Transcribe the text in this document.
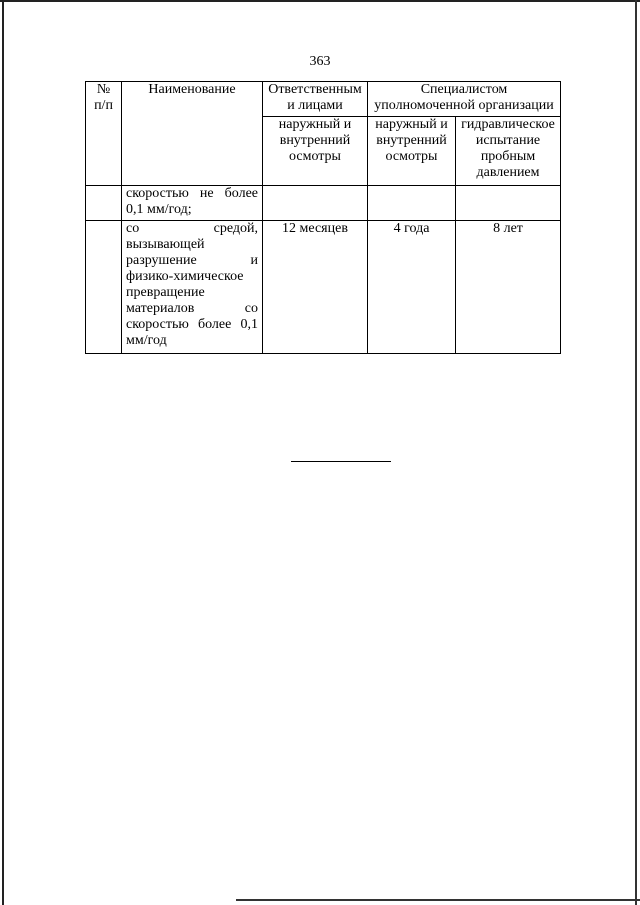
363
№ п/п	Наименование	Ответственным и лицами	Специалистом уполномоченной организации	
		наружный и внутренний осмотры	наружный и внутренний осмотры	гидравлическое испытание пробным давлением
	скоростью не более 0,1 мм/год;			
	со средой, вызывающей разрушение и физико-химическое превращение материалов со скоростью более 0,1 мм/год	12 месяцев	4 года	8 лет
